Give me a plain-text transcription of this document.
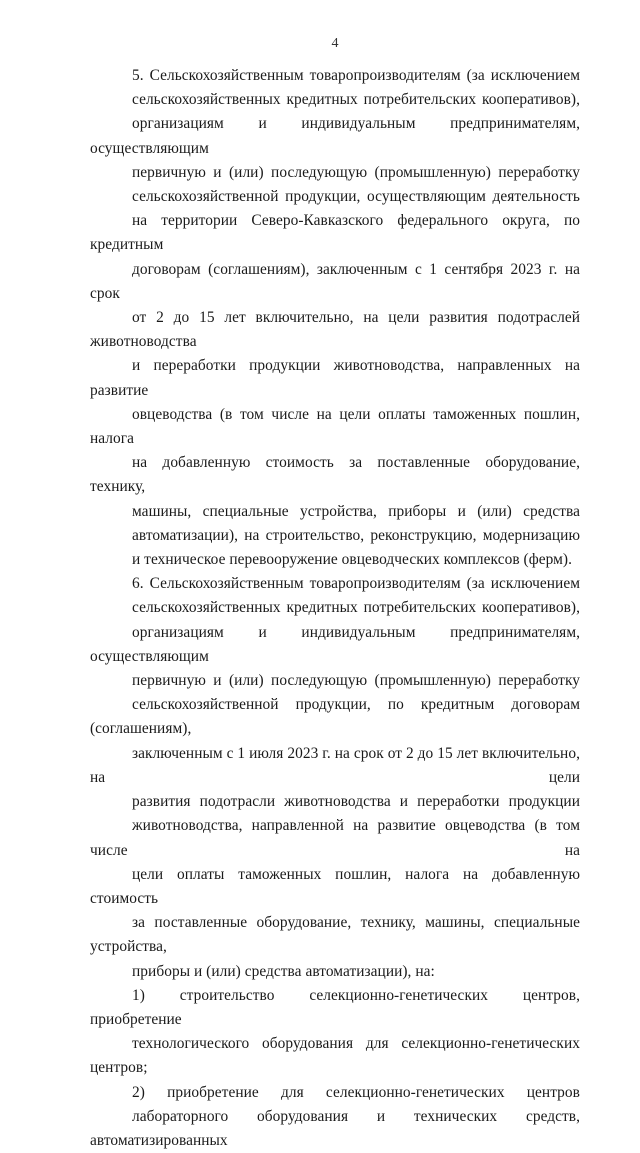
4
5. Сельскохозяйственным товаропроизводителям (за исключением
сельскохозяйственных кредитных потребительских кооперативов),
организациям и индивидуальным предпринимателям, осуществляющим
первичную и (или) последующую (промышленную) переработку
сельскохозяйственной продукции, осуществляющим деятельность
на территории Северо-Кавказского федерального округа, по кредитным
договорам (соглашениям), заключенным с 1 сентября 2023 г. на срок
от 2 до 15 лет включительно, на цели развития подотраслей животноводства
и переработки продукции животноводства, направленных на развитие
овцеводства (в том числе на цели оплаты таможенных пошлин, налога
на добавленную стоимость за поставленные оборудование, технику,
машины, специальные устройства, приборы и (или) средства
автоматизации), на строительство, реконструкцию, модернизацию
и техническое перевооружение овцеводческих комплексов (ферм).
6. Сельскохозяйственным товаропроизводителям (за исключением
сельскохозяйственных кредитных потребительских кооперативов),
организациям и индивидуальным предпринимателям, осуществляющим
первичную и (или) последующую (промышленную) переработку
сельскохозяйственной продукции, по кредитным договорам (соглашениям),
заключенным с 1 июля 2023 г. на срок от 2 до 15 лет включительно, на цели
развития подотрасли животноводства и переработки продукции
животноводства, направленной на развитие овцеводства (в том числе на
цели оплаты таможенных пошлин, налога на добавленную стоимость
за поставленные оборудование, технику, машины, специальные устройства,
приборы и (или) средства автоматизации), на:
1) строительство селекционно-генетических центров, приобретение
технологического оборудования для селекционно-генетических центров;
2) приобретение для селекционно-генетических центров
лабораторного оборудования и технических средств, автоматизированных
